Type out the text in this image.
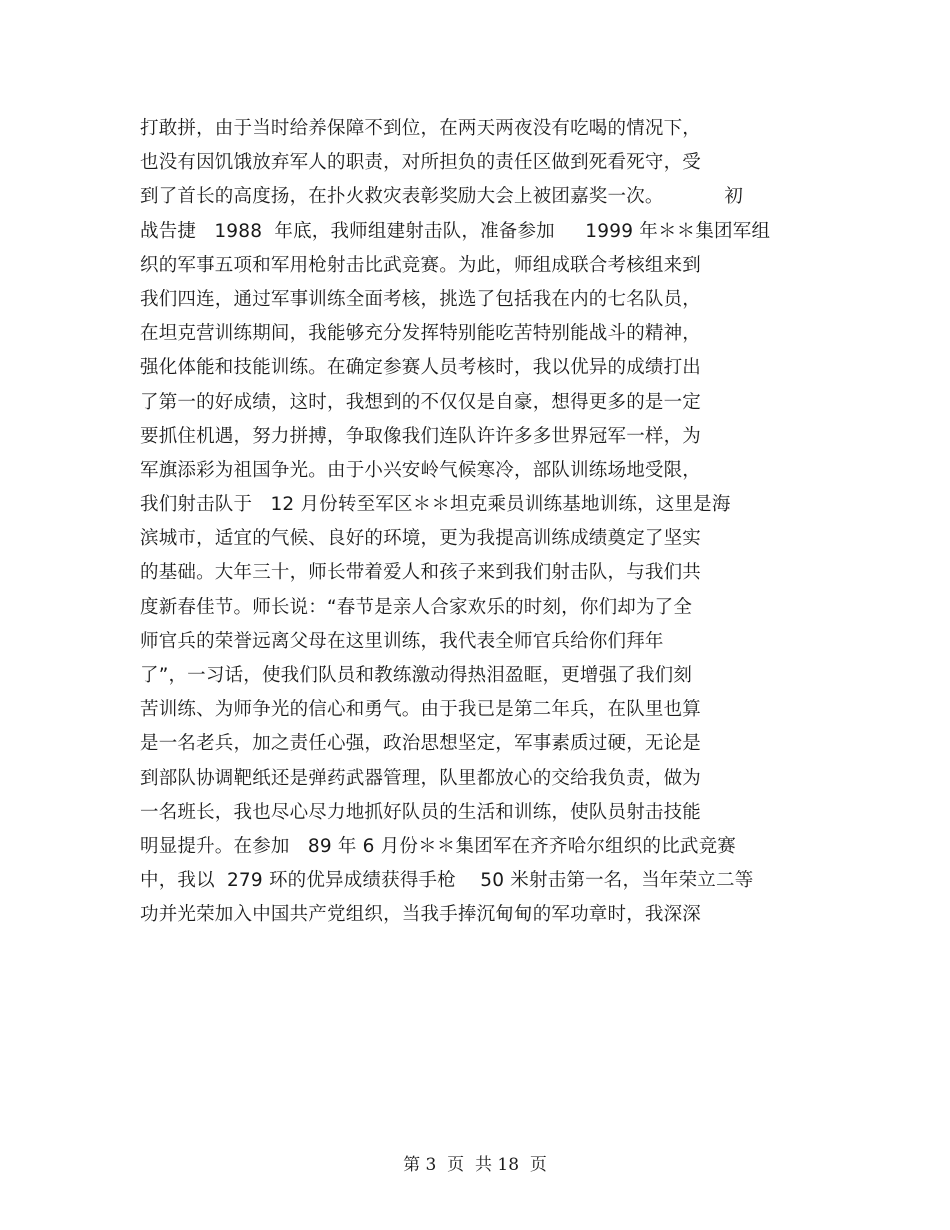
打敢拼，由于当时给养保障不到位，在两天两夜没有吃喝的情况下，
也没有因饥饿放弃军人的职责，对所担负的责任区做到死看死守，受
到了首长的高度扬，在扑火救灾表彰奖励大会上被团嘉奖一次。          初
战告捷   1988  年底，我师组建射击队，准备参加     1999 年＊＊集团军组
织的军事五项和军用枪射击比武竞赛。为此，师组成联合考核组来到
我们四连，通过军事训练全面考核，挑选了包括我在内的七名队员，
在坦克营训练期间，我能够充分发挥特别能吃苦特别能战斗的精神，
强化体能和技能训练。在确定参赛人员考核时，我以优异的成绩打出
了第一的好成绩，这时，我想到的不仅仅是自豪，想得更多的是一定
要抓住机遇，努力拼搏，争取像我们连队许许多多世界冠军一样，为
军旗添彩为祖国争光。由于小兴安岭气候寒冷，部队训练场地受限，
我们射击队于   12 月份转至军区＊＊坦克乘员训练基地训练，这里是海
滨城市，适宜的气候、良好的环境，更为我提高训练成绩奠定了坚实
的基础。大年三十，师长带着爱人和孩子来到我们射击队，与我们共
度新春佳节。师长说：“春节是亲人合家欢乐的时刻，你们却为了全
师官兵的荣誉远离父母在这里训练，我代表全师官兵给你们拜年
了”，一习话，使我们队员和教练激动得热泪盈眶，更增强了我们刻
苦训练、为师争光的信心和勇气。由于我已是第二年兵，在队里也算
是一名老兵，加之责任心强，政治思想坚定，军事素质过硬，无论是
到部队协调靶纸还是弹药武器管理，队里都放心的交给我负责，做为
一名班长，我也尽心尽力地抓好队员的生活和训练，使队员射击技能
明显提升。在参加   89 年 6 月份＊＊集团军在齐齐哈尔组织的比武竞赛
中，我以  279 环的优异成绩获得手枪    50 米射击第一名，当年荣立二等
功并光荣加入中国共产党组织，当我手捧沉甸甸的军功章时，我深深
第 3  页  共 18  页
